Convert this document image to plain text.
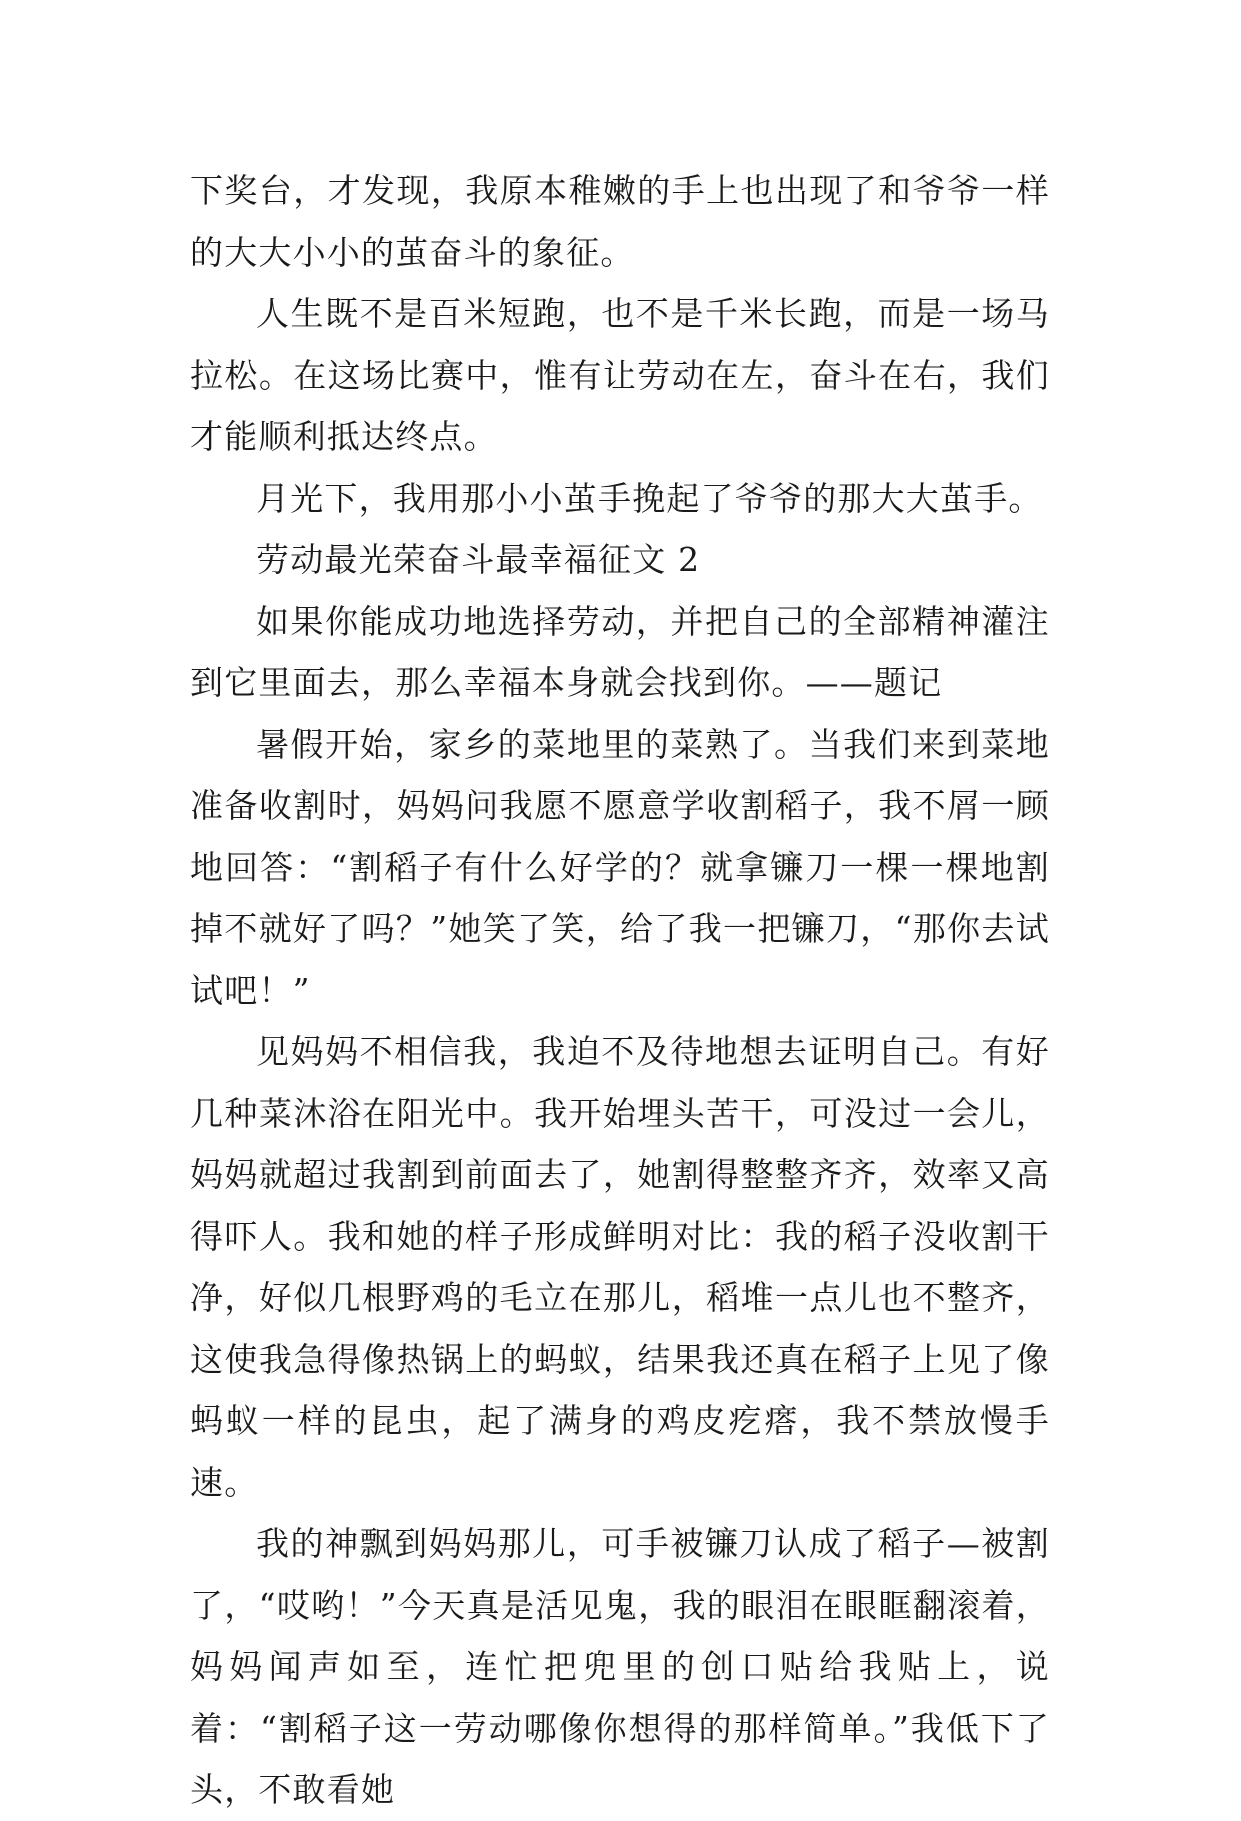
下奖台，才发现，我原本稚嫩的手上也出现了和爷爷一样的大大小小的茧奋斗的象征。

人生既不是百米短跑，也不是千米长跑，而是一场马拉松。在这场比赛中，惟有让劳动在左，奋斗在右，我们才能顺利抵达终点。

月光下，我用那小小茧手挽起了爷爷的那大大茧手。

劳动最光荣奋斗最幸福征文 2

如果你能成功地选择劳动，并把自己的全部精神灌注到它里面去，那么幸福本身就会找到你。——题记

暑假开始，家乡的菜地里的菜熟了。当我们来到菜地准备收割时，妈妈问我愿不愿意学收割稻子，我不屑一顾地回答：“割稻子有什么好学的？就拿镰刀一棵一棵地割掉不就好了吗？”她笑了笑，给了我一把镰刀，“那你去试试吧！”

见妈妈不相信我，我迫不及待地想去证明自己。有好几种菜沐浴在阳光中。我开始埋头苦干，可没过一会儿，妈妈就超过我割到前面去了，她割得整整齐齐，效率又高得吓人。我和她的样子形成鲜明对比：我的稻子没收割干净，好似几根野鸡的毛立在那儿，稻堆一点儿也不整齐，这使我急得像热锅上的蚂蚁，结果我还真在稻子上见了像蚂蚁一样的昆虫，起了满身的鸡皮疙瘩，我不禁放慢手速。

我的神飘到妈妈那儿，可手被镰刀认成了稻子—被割了，“哎哟！”今天真是活见鬼，我的眼泪在眼眶翻滚着，妈妈闻声如至，连忙把兜里的创口贴给我贴上，说着：“割稻子这一劳动哪像你想得的那样简单。”我低下了头，不敢看她
